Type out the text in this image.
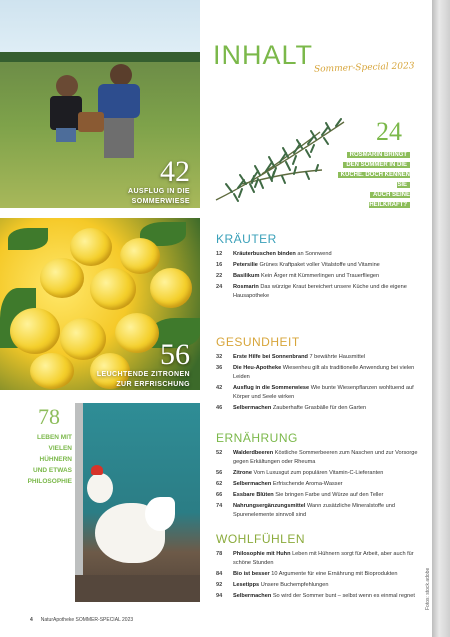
42
AUSFLUG IN DIE
SOMMERWIESE
56
LEUCHTENDE ZITRONEN
ZUR ERFRISCHUNG
78
LEBEN MIT
VIELEN
HÜHNERN
UND ETWAS
PHILOSOPHIE
INHALT Sommer-Special 2023

24
ROSMARIN BRINGT
DEN SOMMER IN DIE
KÜCHE. DOCH KENNEN SIE
AUCH SEINE HEILKRAFT?
KRÄUTER
12	Kräuterbuschen binden an Sonnwend
16	Petersilie Grünes Kraftpaket voller Vitalstoffe und Vitamine
22	Basilikum Kein Ärger mit Kümmerlingen und Trauerfliegen
24	Rosmarin Das würzige Kraut bereichert unsere Küche und die eigene Hausapotheke
GESUNDHEIT
32	Erste Hilfe bei Sonnenbrand 7 bewährte Hausmittel
36	Die Heu-Apotheke Wiesenheu gilt als traditionelle Anwendung bei vielen Leiden
42	Ausflug in die Sommerwiese Wie bunte Wiesenpflanzen wohltuend auf Körper und Seele wirken
46	Selbermachen Zauberhafte Grasbälle für den Garten
ERNÄHRUNG
52	Walderdbeeren Köstliche Sommerbeeren zum Naschen und zur Vorsorge gegen Erkältungen oder Rheuma
56	Zitrone Vom Luxusgut zum populären Vitamin-C-Lieferanten
62	Selbermachen Erfrischende Aroma-Wasser
66	Essbare Blüten Sie bringen Farbe und Würze auf den Teller
74	Nahrungsergänzungsmittel Wann zusätzliche Mineralstoffe und Spurenelemente sinnvoll sind
WOHLFÜHLEN
78	Philosophie mit Huhn Leben mit Hühnern sorgt für Arbeit, aber auch für schöne Stunden
84	Bio ist besser 10 Argumente für eine Ernährung mit Bioprodukten
92	Lesetipps Unsere Buchempfehlungen
94	Selbermachen So wird der Sommer bunt – selbst wenn es einmal regnet
4 NaturApotheke SOMMER-SPECIAL 2023
Fotos: stock.adobe
